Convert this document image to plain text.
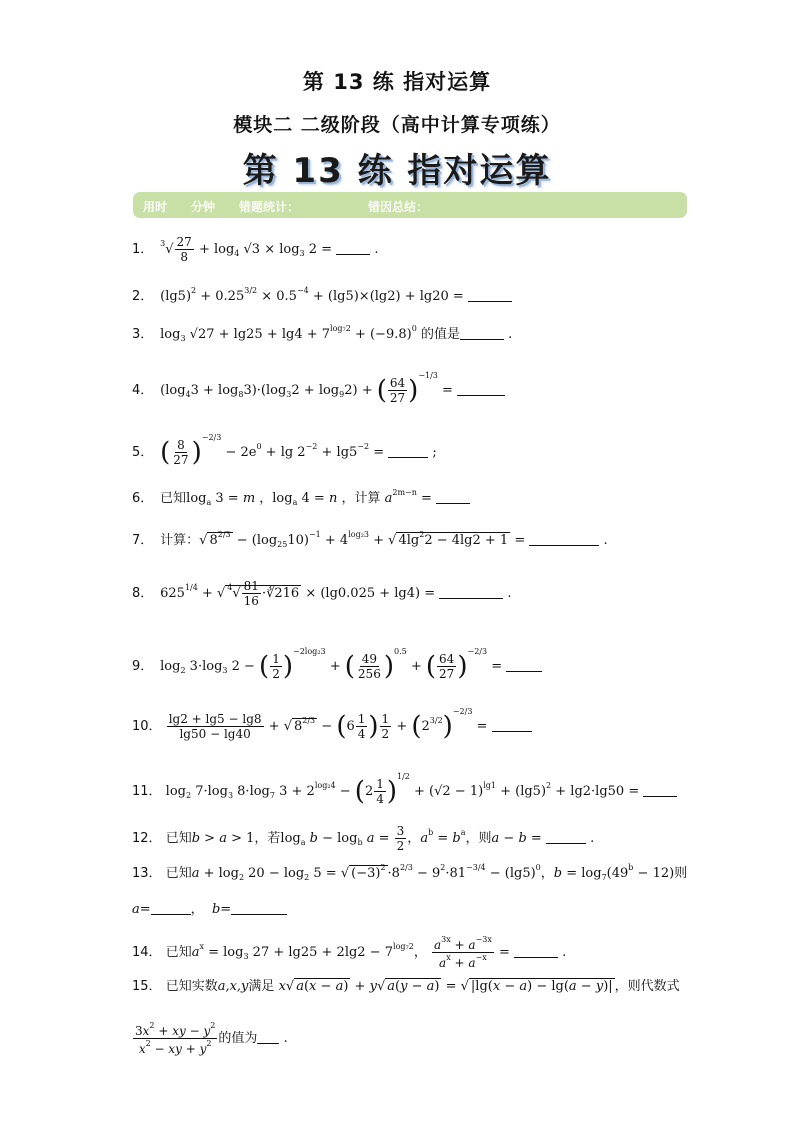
第 13 练 指对运算
模块二 二级阶段（高中计算专项练）
第 13 练 指对运算
用时 分钟 错题统计：	错因总结：
1． $^3√ \frac{27}{8} + \log_4 √3 \times \log_3 2$ =	.
2． $(\lg 5)^2 + 0.25^{3/2} \times 0.5^{-4} + (\lg 5)\times(\lg 2) + \lg 20$ =
3． $\log_3 √27 + \lg 25 + \lg 4 + 7^{log_72} + (-9.8)^0$ 的值是	.
4． $(\log_43 + \log_83)\cdot(\log_32 + \log_92)$ + ( $\frac{64}{27} )^{-1/3}$ =
5． ( $\frac{8}{27} )^{-2/3} - 2e^0 + \lg 2^{-2} + \lg 5^{-2}$ =	;
6． 已知$\log_a 3 = m$ ，$\log_a 4 = n$ ，计算 $a^{2m-n}$ =
7． 计算：√ $8^{2/3} - (\log_{25}10)^{-1} + 4^{log_23}$ + √ $4\lg^22 - 4\lg 2 + 1$ =	.
8． $625^{1/4}$ + √ $^4√ \frac{81}{16}$ ·∛216 × (lg0.025 + lg4) =	.
9． $\log_2 3\cdot\log_3$ 2 − ( $\frac{1}{2} )^{-2log_23}$ + ( $\frac{49}{256} )^{0.5}$ + ( $\frac{64}{27} )^{-2/3}$ =
10． $\frac{\lg 2 + \lg 5 - \lg 8}{\lg 50 - \lg 40}$ + √ $8^{2/3} - (6 \frac{1}{4}$ ) $\frac{1}{2} + (2^{3/2})^{-2/3}$ =
11． $\log_2 7\cdot\log_3$ $8\cdot\log_7$ $3 + 2^{log_24} - (2 \frac{1}{4} )^{1/2} + (√2 - 1)^{lg1} + (\lg 5)^2 + \lg 2\cdot\lg 50$ =
12． 已知b > a > 1，若$\log_a b - \log_b a = \frac{3}{2}$ ，$a^b = b^a$，则a − b =	.
13． 已知$a + \log_2 20 - \log_2 5$ = √ $(-3)^2 \cdot 8^{2/3} - 9^2\cdot 81^{-3/4} - (\lg 5)^0$，$b = \log_7(49^b - 12)$则
a=	，  b=
14． 已知$a^x = \log_3 27 + \lg 25 + 2\lg 2 - 7^{log_72}$， $\frac{a^{3x} + a^{-3x}}{a^x + a^{-x}}$ =	.
15． 已知实数a,x,y满足 x√ a(x − a) + y√ a(y − a) = √ |lg(x − a) − lg(a − y)| ，则代数式
$\frac{3x^2 + xy - y^2}{x^2 - xy + y^2}$ 的值为 .
